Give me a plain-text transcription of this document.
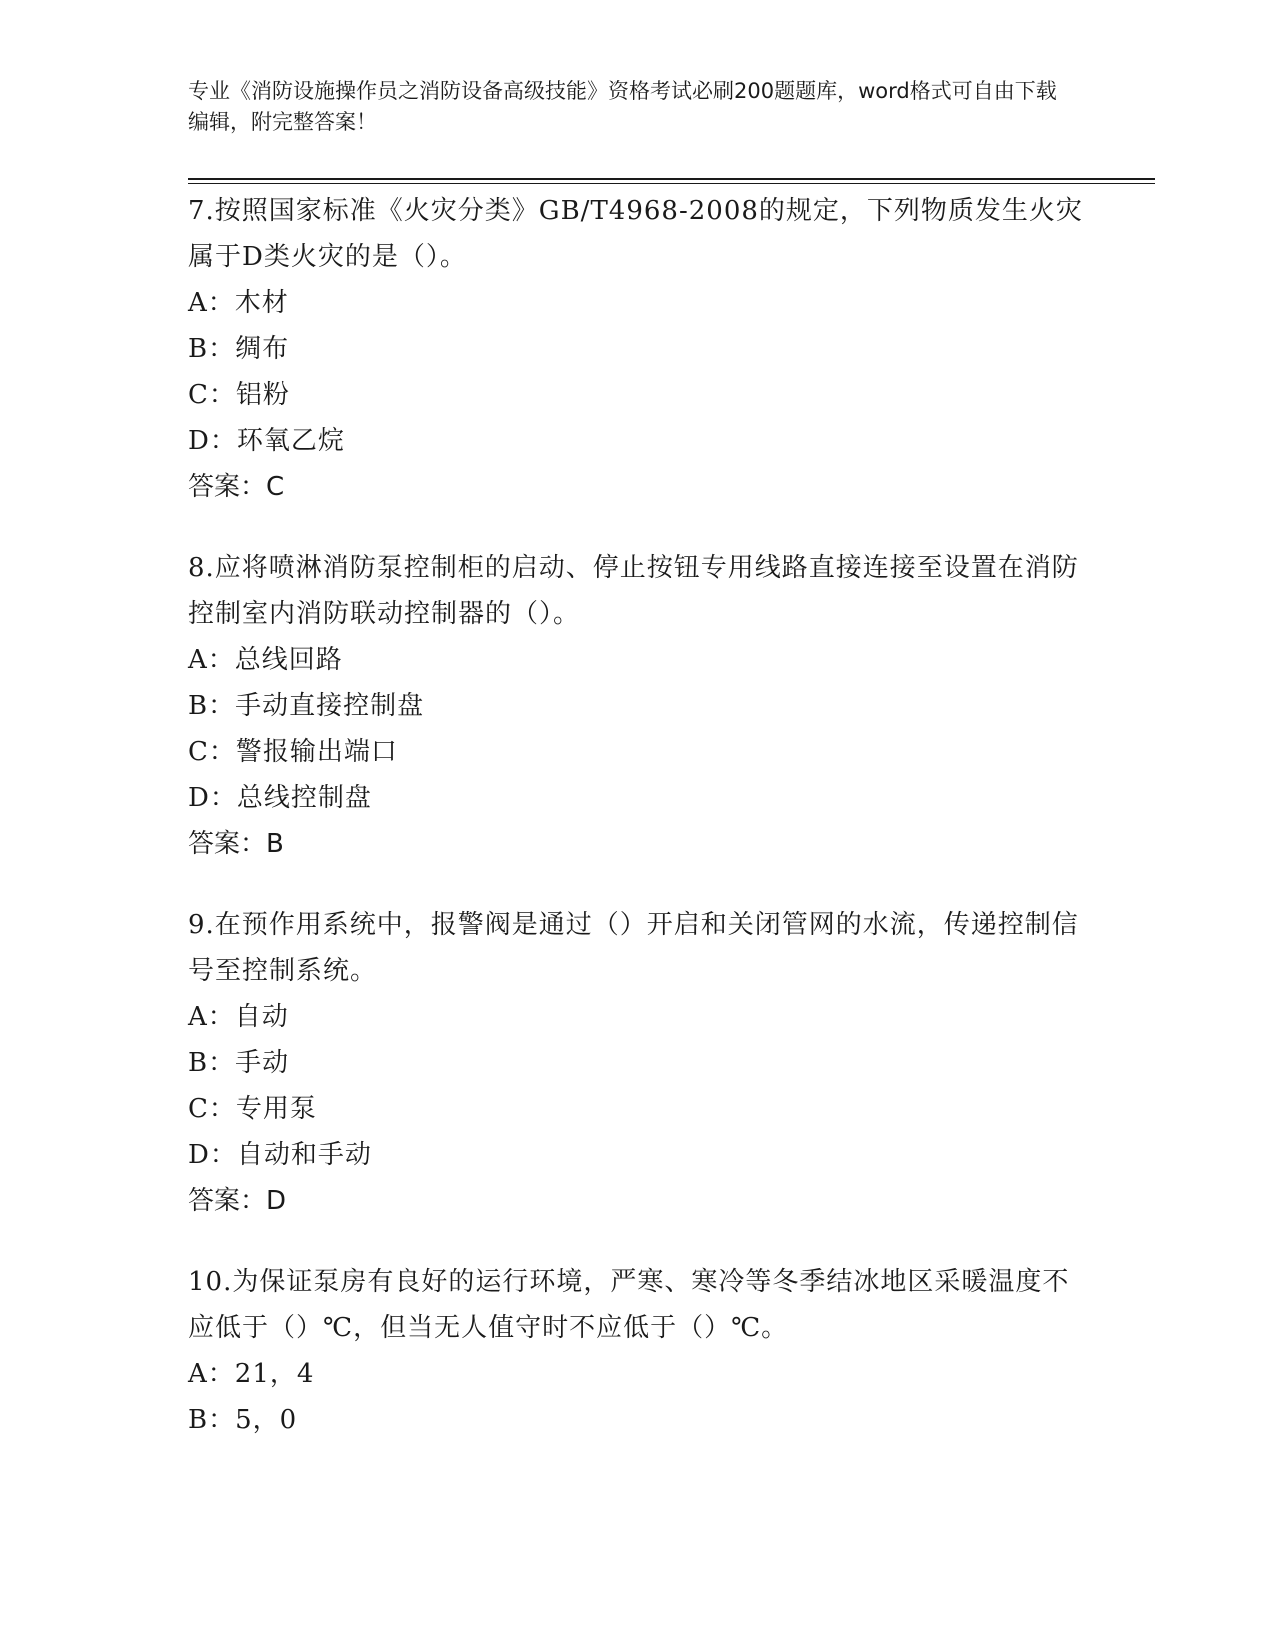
专业《消防设施操作员之消防设备高级技能》资格考试必刷200题题库，word格式可自由下载编辑，附完整答案！

7.按照国家标准《火灾分类》GB/T4968-2008的规定，下列物质发生火灾属于D类火灾的是（）。

A：木材

B：绸布

C：铝粉

D：环氧乙烷

答案：C

8.应将喷淋消防泵控制柜的启动、停止按钮专用线路直接连接至设置在消防控制室内消防联动控制器的（）。

A：总线回路

B：手动直接控制盘

C：警报输出端口

D：总线控制盘

答案：B

9.在预作用系统中，报警阀是通过（）开启和关闭管网的水流，传递控制信号至控制系统。

A：自动

B：手动

C：专用泵

D：自动和手动

答案：D

10.为保证泵房有良好的运行环境，严寒、寒冷等冬季结冰地区采暖温度不应低于（）℃，但当无人值守时不应低于（）℃。

A：21，4

B：5，0
